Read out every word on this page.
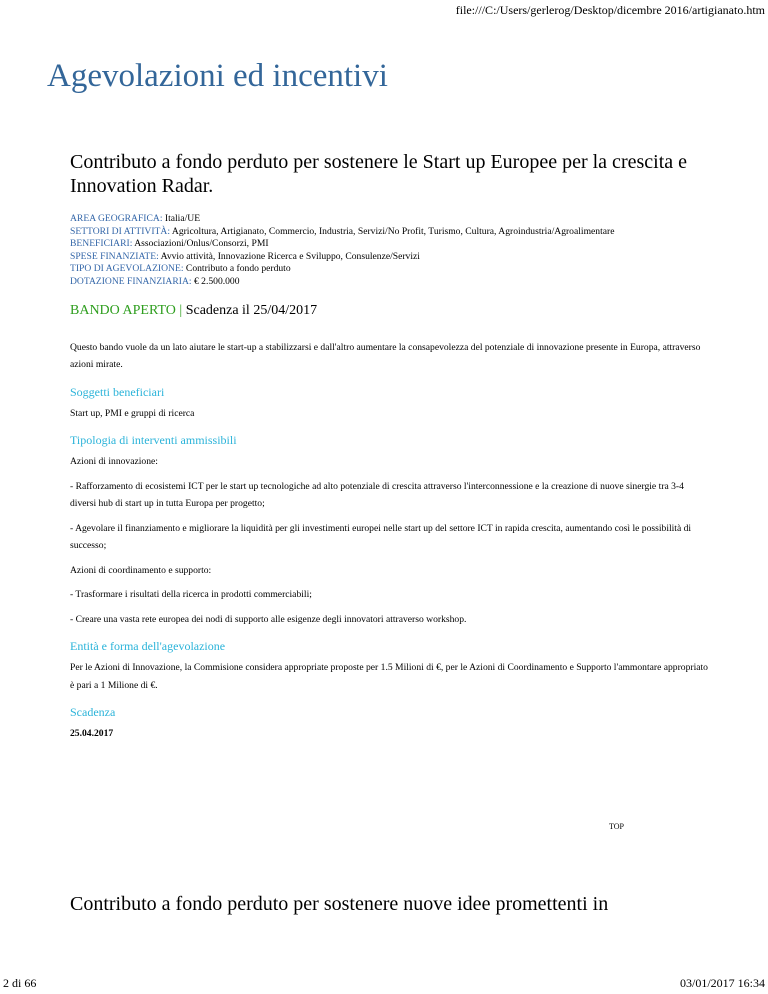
file:///C:/Users/gerlerog/Desktop/dicembre 2016/artigianato.htm
Agevolazioni ed incentivi
Contributo a fondo perduto per sostenere le Start up Europee per la crescita e Innovation Radar.
AREA GEOGRAFICA: Italia/UE
SETTORI DI ATTIVITÀ: Agricoltura, Artigianato, Commercio, Industria, Servizi/No Profit, Turismo, Cultura, Agroindustria/Agroalimentare
BENEFICIARI: Associazioni/Onlus/Consorzi, PMI
SPESE FINANZIATE: Avvio attività, Innovazione Ricerca e Sviluppo, Consulenze/Servizi
TIPO DI AGEVOLAZIONE: Contributo a fondo perduto
DOTAZIONE FINANZIARIA: € 2.500.000
BANDO APERTO | Scadenza il 25/04/2017

Questo bando vuole da un lato aiutare le start-up a stabilizzarsi e dall'altro aumentare la consapevolezza del potenziale di innovazione presente in Europa, attraverso azioni mirate.

Soggetti beneficiari

Start up, PMI e gruppi di ricerca

Tipologia di interventi ammissibili

Azioni di innovazione:

- Rafforzamento di ecosistemi ICT per le start up tecnologiche ad alto potenziale di crescita attraverso l'interconnessione e la creazione di nuove sinergie tra 3-4 diversi hub di start up in tutta Europa per progetto;

- Agevolare il finanziamento e migliorare la liquidità per gli investimenti europei nelle start up del settore ICT in rapida crescita, aumentando così le possibilità di successo;

Azioni di coordinamento e supporto:

- Trasformare i risultati della ricerca in prodotti commerciabili;

- Creare una vasta rete europea dei nodi di supporto alle esigenze degli innovatori attraverso workshop.

Entità e forma dell'agevolazione

Per le Azioni di Innovazione, la Commisione considera appropriate proposte per 1.5 Milioni di €, per le Azioni di Coordinamento e Supporto l'ammontare appropriato è pari a 1 Milione di €.

Scadenza

25.04.2017

TOP
Contributo a fondo perduto per sostenere nuove idee promettenti in
2 di 66	03/01/2017 16:34
